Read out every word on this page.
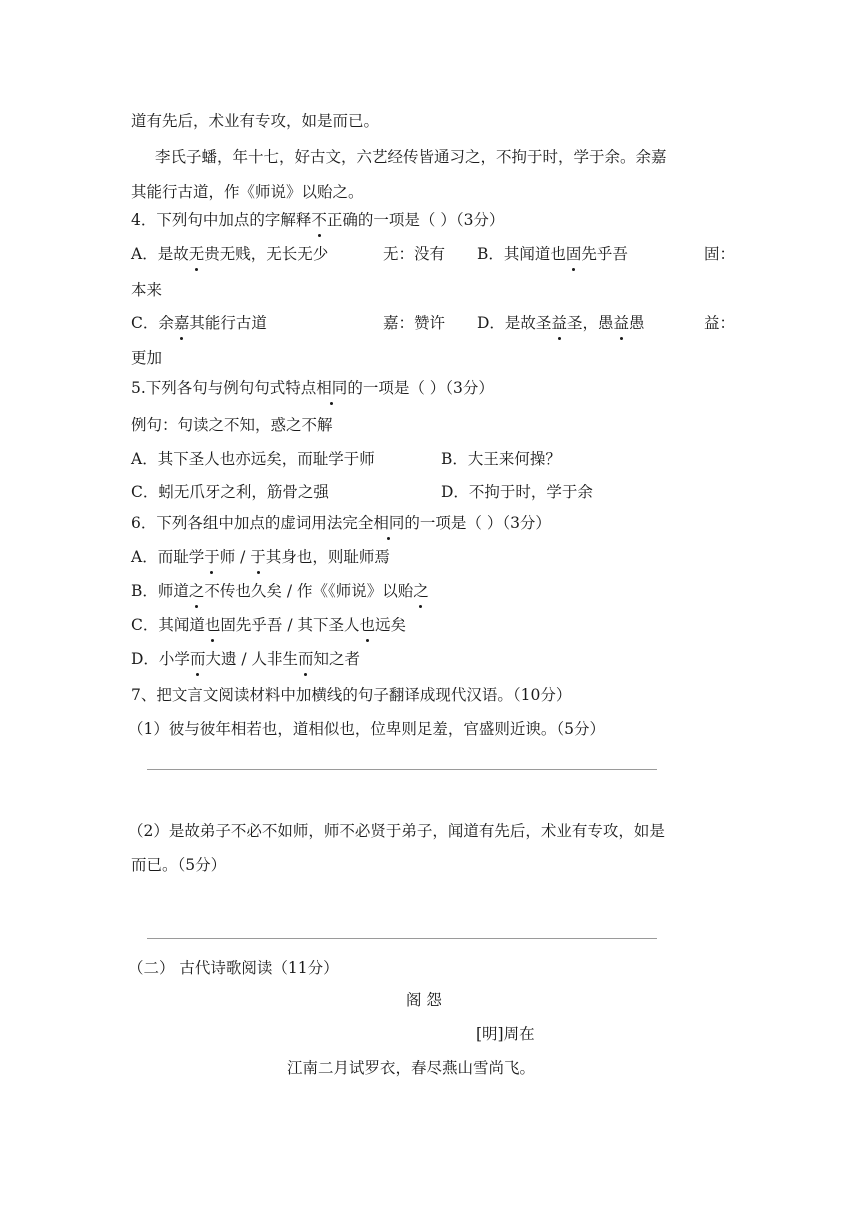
道有先后，术业有专攻，如是而已。
李氏子蟠，年十七，好古文，六艺经传皆通习之，不拘于时，学于余。余嘉
其能行古道，作《师说》以贻之。
4．下列句中加点的字解释不正确的一项是（ ）（3分）
A．是故无贵无贱，无长无少	无：没有 B．其闻道也固先乎吾	固：
本来
C．余嘉其能行古道	嘉：赞许 D．是故圣益圣，愚益愚	益：
更加
5.下列各句与例句句式特点相同的一项是（ ）（3分）
例句：句读之不知，惑之不解
A．其下圣人也亦远矣，而耻学于师	B．大王来何操？
C．蚓无爪牙之利，筋骨之强	D．不拘于时，学于余
6．下列各组中加点的虚词用法完全相同的一项是（ ）（3分）
A．而耻学于师 / 于其身也，则耻师焉
B．师道之不传也久矣 / 作《《师说》以贻之
C．其闻道也固先乎吾 / 其下圣人也远矣
D．小学而大遗 / 人非生而知之者
7、把文言文阅读材料中加横线的句子翻译成现代汉语。（10分）
（1）彼与彼年相若也，道相似也，位卑则足羞，官盛则近谀。（5分）
（2）是故弟子不必不如师，师不必贤于弟子，闻道有先后，术业有专攻，如是
而已。（5分）
（二） 古代诗歌阅读（11分）
阁 怨
[明]周在
江南二月试罗衣，春尽燕山雪尚飞。
